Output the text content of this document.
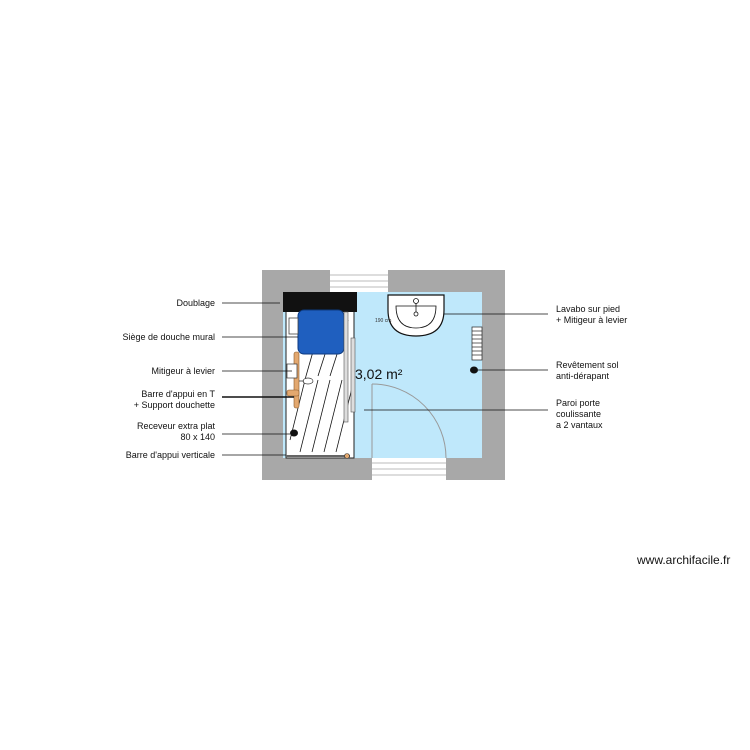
Doublage
Siège de douche mural
Mitigeur à levier
Barre d'appui en T
+ Support douchette
Receveur extra plat
80 x 140
Barre d'appui verticale
Lavabo sur pied
+ Mitigeur à levier
Revêtement sol
anti-dérapant
Paroi porte
coulissante
a 2 vantaux
3,02 m²
190 cm
www.archifacile.fr
